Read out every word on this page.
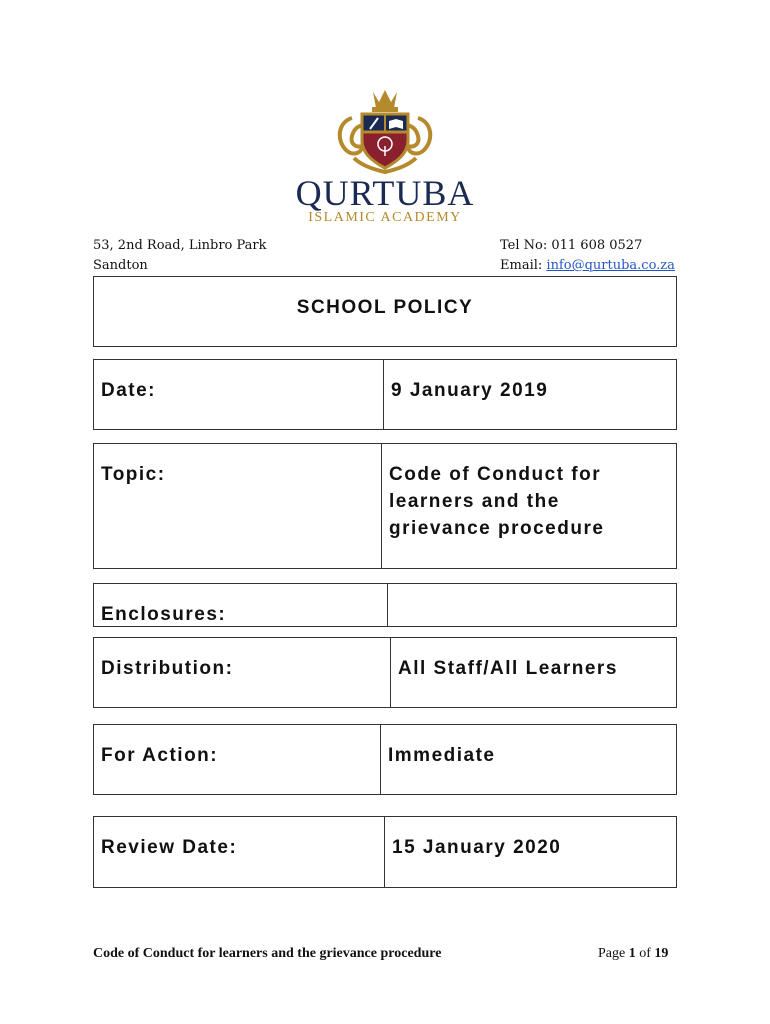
QURTUBA
ISLAMIC ACADEMY
53, 2nd Road, Linbro Park
Sandton
Tel No: 011 608 0527
Email: info@qurtuba.co.za
SCHOOL POLICY
Date:	9 January 2019
Topic:	Code of Conduct for
learners and the
grievance procedure
Enclosures:
Distribution:	All Staff/All Learners
For Action:	Immediate
Review Date:	15 January 2020
Code of Conduct for learners and the grievance procedure	Page 1 of 19
